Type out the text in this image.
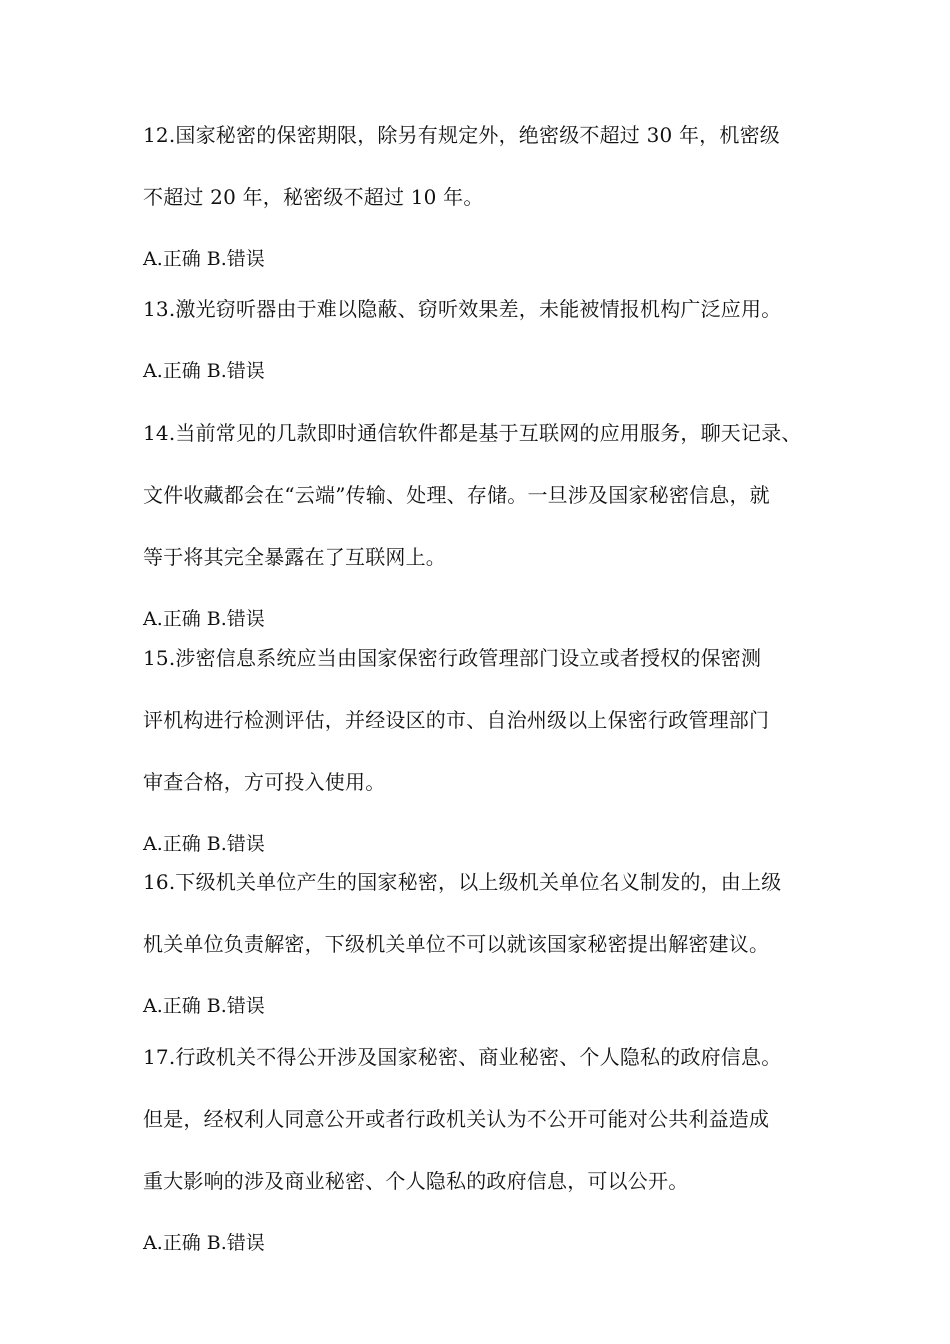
12.国家秘密的保密期限，除另有规定外，绝密级不超过 30 年，机密级
不超过 20 年，秘密级不超过 10 年。
A.正确 B.错误
13.激光窃听器由于难以隐蔽、窃听效果差，未能被情报机构广泛应用。
A.正确 B.错误
14.当前常见的几款即时通信软件都是基于互联网的应用服务，聊天记录、
文件收藏都会在“云端”传输、处理、存储。一旦涉及国家秘密信息，就
等于将其完全暴露在了互联网上。
A.正确 B.错误
15.涉密信息系统应当由国家保密行政管理部门设立或者授权的保密测
评机构进行检测评估，并经设区的市、自治州级以上保密行政管理部门
审查合格，方可投入使用。
A.正确 B.错误
16.下级机关单位产生的国家秘密，以上级机关单位名义制发的，由上级
机关单位负责解密，下级机关单位不可以就该国家秘密提出解密建议。
A.正确 B.错误
17.行政机关不得公开涉及国家秘密、商业秘密、个人隐私的政府信息。
但是，经权利人同意公开或者行政机关认为不公开可能对公共利益造成
重大影响的涉及商业秘密、个人隐私的政府信息，可以公开。
A.正确 B.错误
